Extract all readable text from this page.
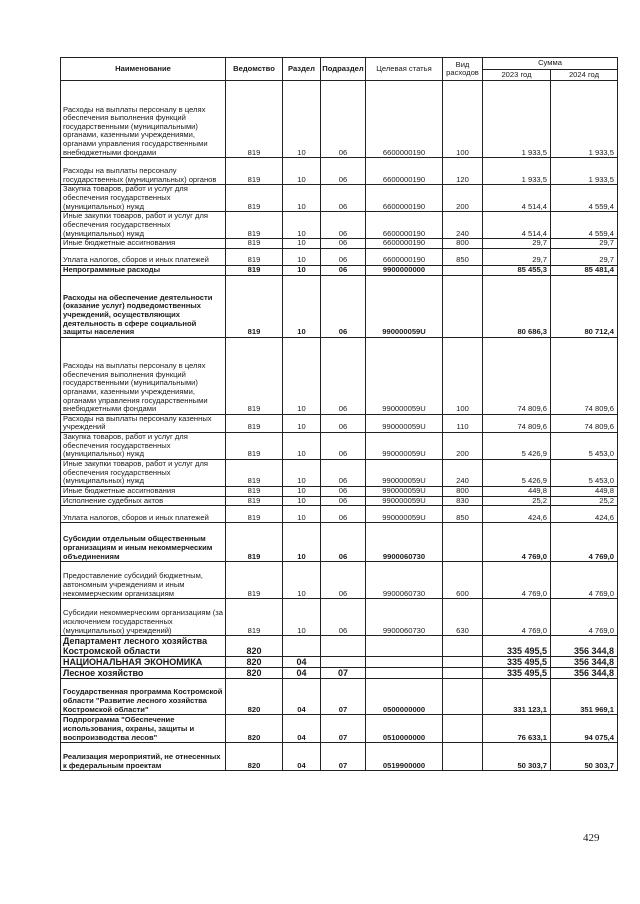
Наименование	Ведомство	Раздел	Подраздел	Целевая статья	Вид расходов	Сумма	
						2023 год	2024 год
Расходы на выплаты персоналу в целях обеспечения выполнения функций государственными (муниципальными) органами, казенными учреждениями, органами управления государственными внебюджетными фондами	819	10	06	6600000190	100	1 933,5	1 933,5
Расходы на выплаты персоналу государственных (муниципальных) органов	819	10	06	6600000190	120	1 933,5	1 933,5
Закупка товаров, работ и услуг для обеспечения государственных (муниципальных) нужд	819	10	06	6600000190	200	4 514,4	4 559,4
Иные закупки товаров, работ и услуг для обеспечения государственных (муниципальных) нужд	819	10	06	6600000190	240	4 514,4	4 559,4
Иные бюджетные ассигнования	819	10	06	6600000190	800	29,7	29,7
Уплата налогов, сборов и иных платежей	819	10	06	6600000190	850	29,7	29,7
Непрограммные расходы	819	10	06	9900000000		85 455,3	85 481,4
Расходы на обеспечение деятельности (оказание услуг) подведомственных учреждений, осуществляющих деятельность в сфере социальной защиты населения	819	10	06	990000059U		80 686,3	80 712,4
Расходы на выплаты персоналу в целях обеспечения выполнения функций государственными (муниципальными) органами, казенными учреждениями, органами управления государственными внебюджетными фондами	819	10	06	990000059U	100	74 809,6	74 809,6
Расходы на выплаты персоналу казенных учреждений	819	10	06	990000059U	110	74 809,6	74 809,6
Закупка товаров, работ и услуг для обеспечения государственных (муниципальных) нужд	819	10	06	990000059U	200	5 426,9	5 453,0
Иные закупки товаров, работ и услуг для обеспечения государственных (муниципальных) нужд	819	10	06	990000059U	240	5 426,9	5 453,0
Иные бюджетные ассигнования	819	10	06	990000059U	800	449,8	449,8
Исполнение судебных актов	819	10	06	990000059U	830	25,2	25,2
Уплата налогов, сборов и иных платежей	819	10	06	990000059U	850	424,6	424,6
Субсидии отдельным общественным организациям и иным некоммерческим объединениям	819	10	06	9900060730		4 769,0	4 769,0
Предоставление субсидий бюджетным, автономным учреждениям и иным некоммерческим организациям	819	10	06	9900060730	600	4 769,0	4 769,0
Субсидии некоммерческим организациям (за исключением государственных (муниципальных) учреждений)	819	10	06	9900060730	630	4 769,0	4 769,0
Департамент лесного хозяйства Костромской области	820					335 495,5	356 344,8
НАЦИОНАЛЬНАЯ ЭКОНОМИКА	820	04				335 495,5	356 344,8
Лесное хозяйство	820	04	07			335 495,5	356 344,8
Государственная программа Костромской области "Развитие лесного хозяйства Костромской области"	820	04	07	0500000000		331 123,1	351 969,1
Подпрограмма "Обеспечение использования, охраны, защиты и воспроизводства лесов"	820	04	07	0510000000		76 633,1	94 075,4
Реализация мероприятий, не отнесенных к федеральным проектам	820	04	07	0519900000		50 303,7	50 303,7
429
